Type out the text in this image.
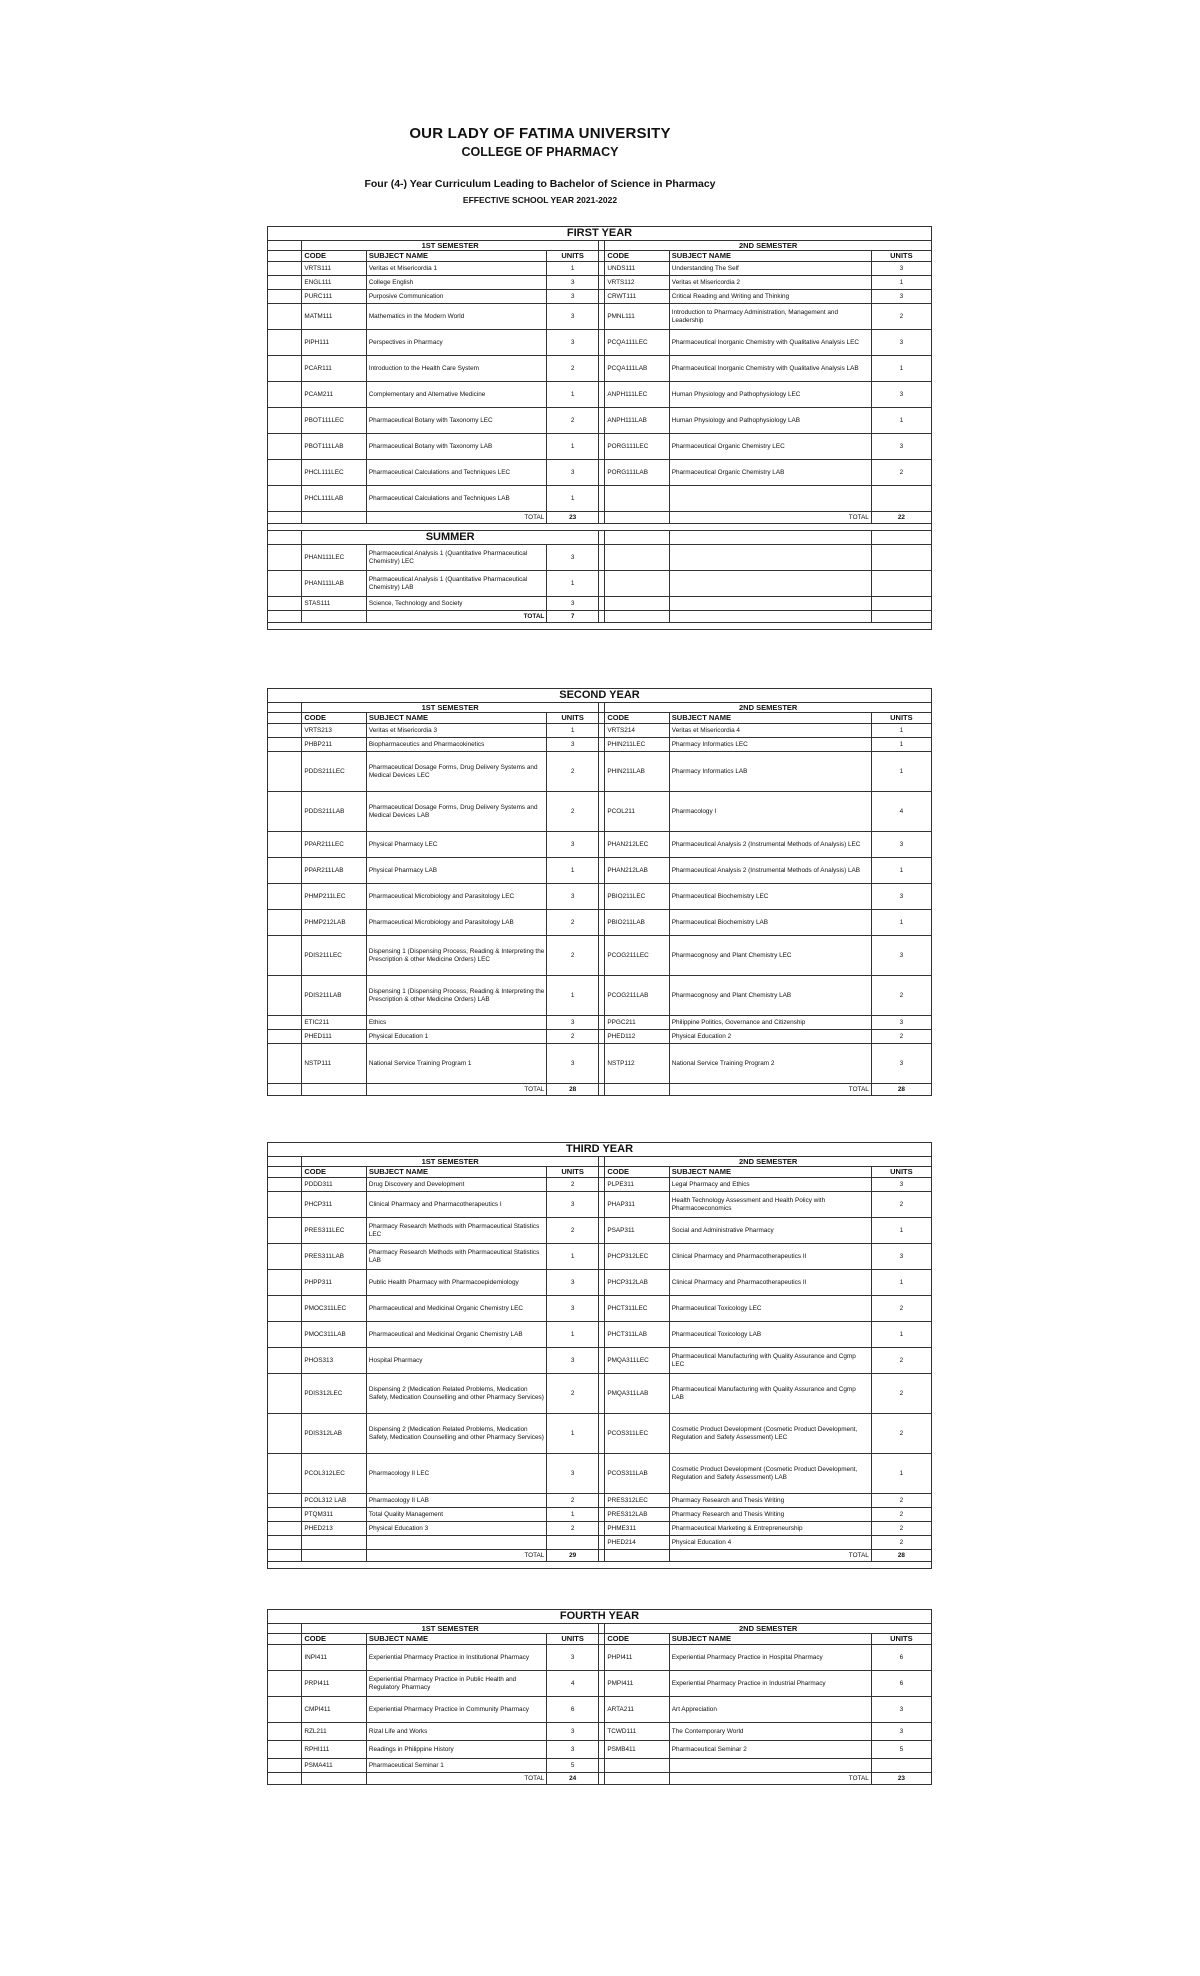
OUR LADY OF FATIMA UNIVERSITY
COLLEGE OF PHARMACY
Four (4-) Year Curriculum Leading to Bachelor of Science in Pharmacy
EFFECTIVE SCHOOL YEAR 2021-2022
FIRST YEAR							
	1ST SEMESTER				2ND SEMESTER		
	CODE	SUBJECT NAME	UNITS		CODE	SUBJECT NAME	UNITS
	VRTS111	Veritas et Misericordia 1	1		UNDS111	Understanding The Self	3
	ENGL111	College English	3		VRTS112	Veritas et Misericordia 2	1
	PURC111	Purposive Communication	3		CRWT111	Critical Reading and Writing and Thinking	3
	MATM111	Mathematics in the Modern World	3		PMNL111	Introduction to Pharmacy Administration, Management and Leadership	2
	PIPH111	Perspectives in Pharmacy	3		PCQA111LEC	Pharmaceutical Inorganic Chemistry with Qualitative Analysis LEC	3
	PCAR111	Introduction to the Health Care System	2		PCQA111LAB	Pharmaceutical Inorganic Chemistry with Qualitative Analysis LAB	1
	PCAM211	Complementary and Alternative Medicine	1		ANPH111LEC	Human Physiology and Pathophysiology LEC	3
	PBOT111LEC	Pharmaceutical Botany with Taxonomy LEC	2		ANPH111LAB	Human Physiology and Pathophysiology LAB	1
	PBOT111LAB	Pharmaceutical Botany with Taxonomy LAB	1		PORG111LEC	Pharmaceutical Organic Chemistry LEC	3
	PHCL111LEC	Pharmaceutical Calculations and Techniques LEC	3		PORG111LAB	Pharmaceutical Organic Chemistry LAB	2
	PHCL111LAB	Pharmaceutical Calculations and Techniques LAB	1				
		TOTAL	23			TOTAL	22

	SUMMER						
	PHAN111LEC	Pharmaceutical Analysis 1 (Quantitative Pharmaceutical Chemistry) LEC	3				
	PHAN111LAB	Pharmaceutical Analysis 1 (Quantitative Pharmaceutical Chemistry) LAB	1				
	STAS111	Science, Technology and Society	3				
		TOTAL	7				

SECOND YEAR							
	1ST SEMESTER				2ND SEMESTER		
	CODE	SUBJECT NAME	UNITS		CODE	SUBJECT NAME	UNITS
	VRTS213	Veritas et Misericordia 3	1		VRTS214	Veritas et Misericordia 4	1
	PHBP211	Biopharmaceutics and Pharmacokinetics	3		PHIN211LEC	Pharmacy Informatics LEC	1
	PDDS211LEC	Pharmaceutical Dosage Forms, Drug Delivery Systems and Medical Devices LEC	2		PHIN211LAB	Pharmacy Informatics LAB	1
	PDDS211LAB	Pharmaceutical Dosage Forms, Drug Delivery Systems and Medical Devices LAB	2		PCOL211	Pharmacology I	4
	PPAR211LEC	Physical Pharmacy LEC	3		PHAN212LEC	Pharmaceutical Analysis 2 (Instrumental Methods of Analysis) LEC	3
	PPAR211LAB	Physical Pharmacy LAB	1		PHAN212LAB	Pharmaceutical Analysis 2 (Instrumental Methods of Analysis) LAB	1
	PHMP211LEC	Pharmaceutical Microbiology and Parasitology LEC	3		PBIO211LEC	Pharmaceutical Biochemistry LEC	3
	PHMP212LAB	Pharmaceutical Microbiology and Parasitology LAB	2		PBIO211LAB	Pharmaceutical Biochemistry LAB	1
	PDIS211LEC	Dispensing 1 (Dispensing Process, Reading & Interpreting the Prescription & other Medicine Orders) LEC	2		PCOG211LEC	Pharmacognosy and Plant Chemistry LEC	3
	PDIS211LAB	Dispensing 1 (Dispensing Process, Reading & Interpreting the Prescription & other Medicine Orders) LAB	1		PCOG211LAB	Pharmacognosy and Plant Chemistry LAB	2
	ETIC211	Ethics	3		PPGC211	Philippine Politics, Governance and Citizenship	3
	PHED111	Physical Education 1	2		PHED112	Physical Education 2	2
	NSTP111	National Service Training Program 1	3		NSTP112	National Service Training Program 2	3
		TOTAL	28			TOTAL	28
THIRD YEAR							
	1ST SEMESTER				2ND SEMESTER		
	CODE	SUBJECT NAME	UNITS		CODE	SUBJECT NAME	UNITS
	PDDD311	Drug Discovery and Development	2		PLPE311	Legal Pharmacy and Ethics	3
	PHCP311	Clinical Pharmacy and Pharmacotherapeutics I	3		PHAP311	Health Technology Assessment and Health Policy with Pharmacoeconomics	2
	PRES311LEC	Pharmacy Research Methods with Pharmaceutical Statistics LEC	2		PSAP311	Social and Administrative Pharmacy	1
	PRES311LAB	Pharmacy Research Methods with Pharmaceutical Statistics LAB	1		PHCP312LEC	Clinical Pharmacy and Pharmacotherapeutics II	3
	PHPP311	Public Health Pharmacy with Pharmacoepidemiology	3		PHCP312LAB	Clinical Pharmacy and Pharmacotherapeutics II	1
	PMOC311LEC	Pharmaceutical and Medicinal Organic Chemistry LEC	3		PHCT311LEC	Pharmaceutical Toxicology LEC	2
	PMOC311LAB	Pharmaceutical and Medicinal Organic Chemistry LAB	1		PHCT311LAB	Pharmaceutical Toxicology LAB	1
	PHOS313	Hospital Pharmacy	3		PMQA311LEC	Pharmaceutical Manufacturing with Quality Assurance and Cgmp LEC	2
	PDIS312LEC	Dispensing 2 (Medication Related Problems, Medication Safety, Medication Counselling and other Pharmacy Services)	2		PMQA311LAB	Pharmaceutical Manufacturing with Quality Assurance and Cgmp LAB	2
	PDIS312LAB	Dispensing 2 (Medication Related Problems, Medication Safety, Medication Counselling and other Pharmacy Services)	1		PCOS311LEC	Cosmetic Product Development (Cosmetic Product Development, Regulation and Safety Assessment) LEC	2
	PCOL312LEC	Pharmacology II LEC	3		PCOS311LAB	Cosmetic Product Development (Cosmetic Product Development, Regulation and Safety Assessment) LAB	1
	PCOL312 LAB	Pharmacology II LAB	2		PRES312LEC	Pharmacy Research and Thesis Writing	2
	PTQM311	Total Quality Management	1		PRES312LAB	Pharmacy Research and Thesis Writing	2
	PHED213	Physical Education 3	2		PHME311	Pharmaceutical Marketing & Entrepreneurship	2
					PHED214	Physical Education 4	2
		TOTAL	29			TOTAL	28

FOURTH YEAR							
	1ST SEMESTER				2ND SEMESTER		
	CODE	SUBJECT NAME	UNITS		CODE	SUBJECT NAME	UNITS
	INPI411	Experiential Pharmacy Practice in Institutional Pharmacy	3		PHPI411	Experiential Pharmacy Practice in Hospital Pharmacy	6
	PRPI411	Experiential Pharmacy Practice in Public Health and Regulatory Pharmacy	4		PMPI411	Experiential Pharmacy Practice in Industrial Pharmacy	6
	CMPI411	Experiential Pharmacy Practice in Community Pharmacy	6		ARTA211	Art Appreciation	3
	RZL211	Rizal Life and Works	3		TCWD111	The Contemporary World	3
	RPHI111	Readings in Philippine History	3		PSMB411	Pharmaceutical Seminar 2	5
	PSMA411	Pharmaceutical Seminar 1	5				
		TOTAL	24			TOTAL	23
